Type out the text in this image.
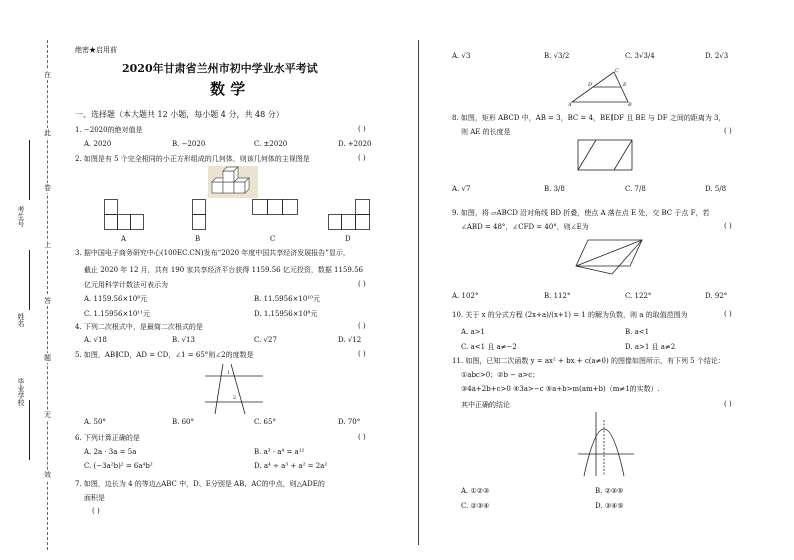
在
此
卷
上
答
题
无
效
考生号
姓名
毕业学校
绝密★启用前
2020年甘肃省兰州市初中学业水平考试
数 学
一、选择题（本大题共 12 小题，每小题 4 分，共 48 分）
1. −2020的绝对值是	( )
A. 2020	B. −2020	C. ±2020	D. +2020
2. 如图是有 5 个完全相同的小正方形组成的几何体，则该几何体的主视图是	( )
A	B	C	D
3. 据中国电子商务研究中心(100EC.CN)发布“2020 年度中国共享经济发展报告”显示，
截止 2020 年 12 月，共有 190 家共享经济平台获得 1159.56 亿元投资，数据 1159.56
亿元用科学计数法可表示为	( )
A. 1159.56×10⁸元	B. 11.5956×10¹⁰元
C. 1.15956×10¹¹元	D. 1.15956×10⁸元
4. 下列二次根式中，是最简二次根式的是	( )
A. √18	B. √13	C. √27	D. √12
5. 如图，AB∥CD，AD = CD，∠1 = 65°则∠2的度数是	( )
1
2
A. 50°	B. 60°	C. 65°	D. 70°
6. 下列计算正确的是	( )
A. 2a · 3a = 5a	B. a³ · a⁴ = a¹²
C. (−3a²b)² = 6a⁴b²	D. a⁴ ÷ a³ + a² = 2a²
7. 如图，边长为 4 的等边△ABC 中，D、E分别是 AB、AC的中点，则△ADE的
面积是
( )
A. √3	B. √3/2	C. 3√3/4	D. 2√3
A	B
C
D	E
8. 如图，矩形 ABCD 中，AB = 3，BC = 4，BE∥DF 且 BE 与 DF 之间的距离为 3，
则 AE 的长度是	( )
A. √7	B. 3/8	C. 7/8	D. 5/8
9. 如图，将 ▱ABCD 沿对角线 BD 折叠，使点 A 落在点 E 处，交 BC 于点 F，若
∠ABD = 48°，∠CFD = 40°，则∠E为	( )
A. 102°	B. 112°	C. 122°	D. 92°
10. 关于 x 的分式方程 (2x+a)/(x+1) = 1 的解为负数，则 a 的取值范围为	( )
A. a>1	B. a<1
C. a<1 且 a≠−2	D. a>1 且 a≠2
11. 如图，已知二次函数 y = ax² + bx + c(a≠0) 的图像如图所示，有下列 5 个结论：
①abc>0；②b − a>c；
③4a+2b+c>0 ④3a>−c ⑤a+b>m(am+b)（m≠1的实数）.
其中正确的结论	( )
A. ①②③	B. ②③⑤
C. ②③④	D. ③④⑤
